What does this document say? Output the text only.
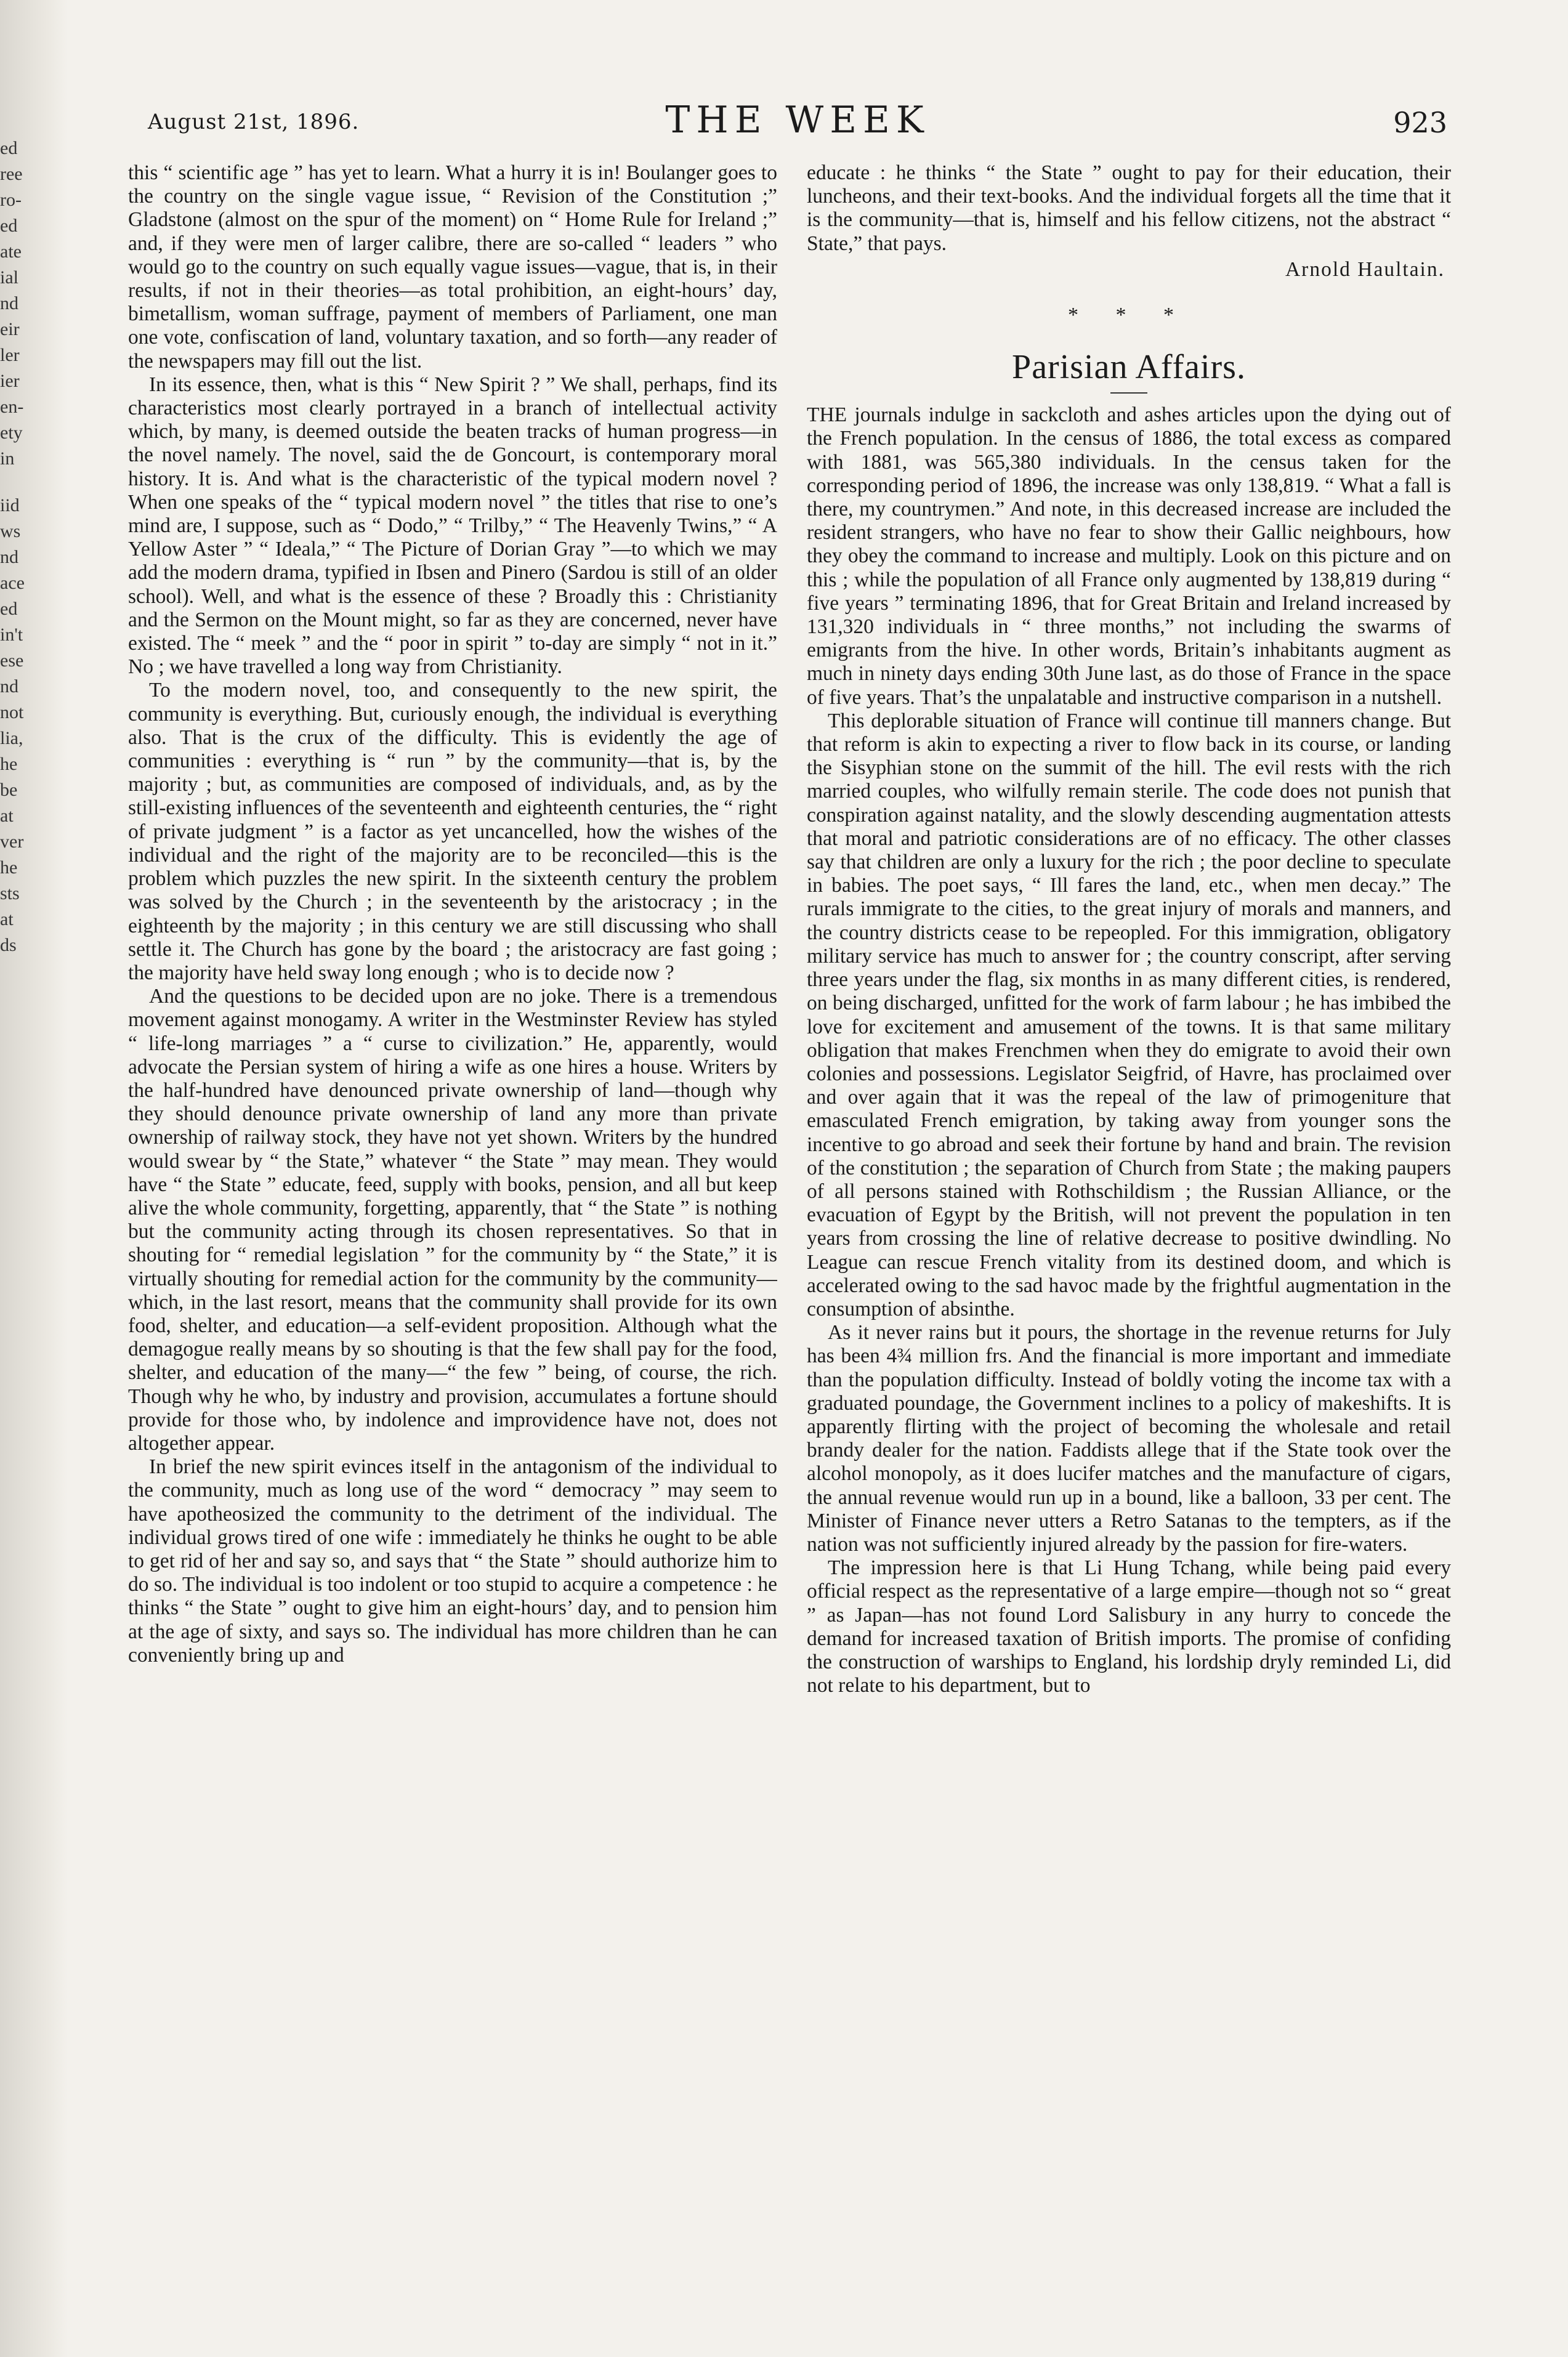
ed
ree
ro-
ed
ate
ial
nd
eir
ler
ier
en-
ety
in
iid
ws
nd
ace
ed
in't
ese
nd
not
lia,
he
be
at
ver
he
sts
at
ds
August 21st, 1896.	THE WEEK	923

this “ scientific age ” has yet to learn. What a hurry it is in! Boulanger goes to the country on the single vague issue, “ Revision of the Constitution ;” Gladstone (almost on the spur of the moment) on “ Home Rule for Ireland ;” and, if they were men of larger calibre, there are so-called “ leaders ” who would go to the country on such equally vague issues—vague, that is, in their results, if not in their theories—as total prohibition, an eight-hours’ day, bimetallism, woman suffrage, payment of members of Parliament, one man one vote, confiscation of land, voluntary taxation, and so forth—any reader of the newspapers may fill out the list.

In its essence, then, what is this “ New Spirit ? ” We shall, perhaps, find its characteristics most clearly portrayed in a branch of intellectual activity which, by many, is deemed outside the beaten tracks of human progress—in the novel namely. The novel, said the de Goncourt, is contemporary moral history. It is. And what is the characteristic of the typical modern novel ? When one speaks of the “ typical modern novel ” the titles that rise to one’s mind are, I suppose, such as “ Dodo,” “ Trilby,” “ The Heavenly Twins,” “ A Yellow Aster ” “ Ideala,” “ The Picture of Dorian Gray ”—to which we may add the modern drama, typified in Ibsen and Pinero (Sardou is still of an older school). Well, and what is the essence of these ? Broadly this : Christianity and the Sermon on the Mount might, so far as they are concerned, never have existed. The “ meek ” and the “ poor in spirit ” to-day are simply “ not in it.” No ; we have travelled a long way from Christianity.

To the modern novel, too, and consequently to the new spirit, the community is everything. But, curiously enough, the individual is everything also. That is the crux of the difficulty. This is evidently the age of communities : everything is “ run ” by the community—that is, by the majority ; but, as communities are composed of individuals, and, as by the still-existing influences of the seventeenth and eighteenth centuries, the “ right of private judgment ” is a factor as yet uncancelled, how the wishes of the individual and the right of the majority are to be reconciled—this is the problem which puzzles the new spirit. In the sixteenth century the problem was solved by the Church ; in the seventeenth by the aristocracy ; in the eighteenth by the majority ; in this century we are still discussing who shall settle it. The Church has gone by the board ; the aristocracy are fast going ; the majority have held sway long enough ; who is to decide now ?

And the questions to be decided upon are no joke. There is a tremendous movement against monogamy. A writer in the Westminster Review has styled “ life-long marriages ” a “ curse to civilization.” He, apparently, would advocate the Persian system of hiring a wife as one hires a house. Writers by the half-hundred have denounced private ownership of land—though why they should denounce private ownership of land any more than private ownership of railway stock, they have not yet shown. Writers by the hundred would swear by “ the State,” whatever “ the State ” may mean. They would have “ the State ” educate, feed, supply with books, pension, and all but keep alive the whole community, forgetting, apparently, that “ the State ” is nothing but the community acting through its chosen representatives. So that in shouting for “ remedial legislation ” for the community by “ the State,” it is virtually shouting for remedial action for the community by the community—which, in the last resort, means that the community shall provide for its own food, shelter, and education—a self-evident proposition. Although what the demagogue really means by so shouting is that the few shall pay for the food, shelter, and education of the many—“ the few ” being, of course, the rich. Though why he who, by industry and provision, accumulates a fortune should provide for those who, by indolence and improvidence have not, does not altogether appear.

In brief the new spirit evinces itself in the antagonism of the individual to the community, much as long use of the word “ democracy ” may seem to have apotheosized the community to the detriment of the individual. The individual grows tired of one wife : immediately he thinks he ought to be able to get rid of her and say so, and says that “ the State ” should authorize him to do so. The individual is too indolent or too stupid to acquire a competence : he thinks “ the State ” ought to give him an eight-hours’ day, and to pension him at the age of sixty, and says so. The individual has more children than he can conveniently bring up and

educate : he thinks “ the State ” ought to pay for their education, their luncheons, and their text-books. And the individual forgets all the time that it is the community—that is, himself and his fellow citizens, not the abstract “ State,” that pays.

Arnold Haultain.
* * *
Parisian Affairs.

THE journals indulge in sackcloth and ashes articles upon the dying out of the French population. In the census of 1886, the total excess as compared with 1881, was 565,380 individuals. In the census taken for the corresponding period of 1896, the increase was only 138,819. “ What a fall is there, my countrymen.” And note, in this decreased increase are included the resident strangers, who have no fear to show their Gallic neighbours, how they obey the command to increase and multiply. Look on this picture and on this ; while the population of all France only augmented by 138,819 during “ five years ” terminating 1896, that for Great Britain and Ireland increased by 131,320 individuals in “ three months,” not including the swarms of emigrants from the hive. In other words, Britain’s inhabitants augment as much in ninety days ending 30th June last, as do those of France in the space of five years. That’s the unpalatable and instructive comparison in a nutshell.

This deplorable situation of France will continue till manners change. But that reform is akin to expecting a river to flow back in its course, or landing the Sisyphian stone on the summit of the hill. The evil rests with the rich married couples, who wilfully remain sterile. The code does not punish that conspiration against natality, and the slowly descending augmentation attests that moral and patriotic considerations are of no efficacy. The other classes say that children are only a luxury for the rich ; the poor decline to speculate in babies. The poet says, “ Ill fares the land, etc., when men decay.” The rurals immigrate to the cities, to the great injury of morals and manners, and the country districts cease to be repeopled. For this immigration, obligatory military service has much to answer for ; the country conscript, after serving three years under the flag, six months in as many different cities, is rendered, on being discharged, unfitted for the work of farm labour ; he has imbibed the love for excitement and amusement of the towns. It is that same military obligation that makes Frenchmen when they do emigrate to avoid their own colonies and possessions. Legislator Seigfrid, of Havre, has proclaimed over and over again that it was the repeal of the law of primogeniture that emasculated French emigration, by taking away from younger sons the incentive to go abroad and seek their fortune by hand and brain. The revision of the constitution ; the separation of Church from State ; the making paupers of all persons stained with Rothschildism ; the Russian Alliance, or the evacuation of Egypt by the British, will not prevent the population in ten years from crossing the line of relative decrease to positive dwindling. No League can rescue French vitality from its destined doom, and which is accelerated owing to the sad havoc made by the frightful augmentation in the consumption of absinthe.

As it never rains but it pours, the shortage in the revenue returns for July has been 4¾ million frs. And the financial is more important and immediate than the population difficulty. Instead of boldly voting the income tax with a graduated poundage, the Government inclines to a policy of makeshifts. It is apparently flirting with the project of becoming the wholesale and retail brandy dealer for the nation. Faddists allege that if the State took over the alcohol monopoly, as it does lucifer matches and the manufacture of cigars, the annual revenue would run up in a bound, like a balloon, 33 per cent. The Minister of Finance never utters a Retro Satanas to the tempters, as if the nation was not sufficiently injured already by the passion for fire-waters.

The impression here is that Li Hung Tchang, while being paid every official respect as the representative of a large empire—though not so “ great ” as Japan—has not found Lord Salisbury in any hurry to concede the demand for increased taxation of British imports. The promise of confiding the construction of warships to England, his lordship dryly reminded Li, did not relate to his department, but to
